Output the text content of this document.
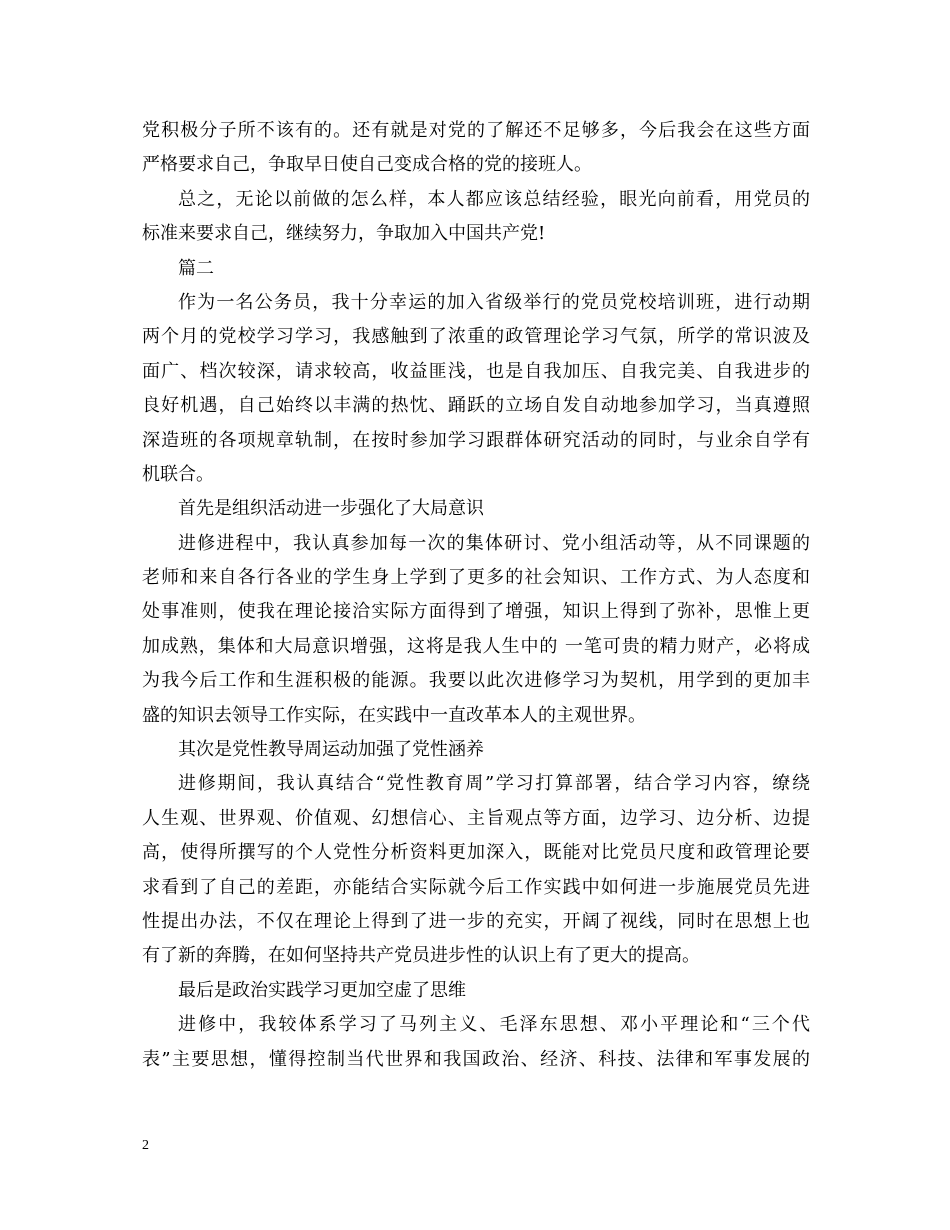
党积极分子所不该有的。还有就是对党的了解还不足够多，今后我会在这些方面
严格要求自己，争取早日使自己变成合格的党的接班人。
总之，无论以前做的怎么样，本人都应该总结经验，眼光向前看，用党员的
标准来要求自己，继续努力，争取加入中国共产党!
篇二
作为一名公务员，我十分幸运的加入省级举行的党员党校培训班，进行动期
两个月的党校学习学习，我感触到了浓重的政管理论学习气氛，所学的常识波及
面广、档次较深，请求较高，收益匪浅，也是自我加压、自我完美、自我进步的
良好机遇，自己始终以丰满的热忱、踊跃的立场自发自动地参加学习，当真遵照
深造班的各项规章轨制，在按时参加学习跟群体研究活动的同时，与业余自学有
机联合。
首先是组织活动进一步强化了大局意识
进修进程中，我认真参加每一次的集体研讨、党小组活动等，从不同课题的
老师和来自各行各业的学生身上学到了更多的社会知识、工作方式、为人态度和
处事准则，使我在理论接洽实际方面得到了增强，知识上得到了弥补，思惟上更
加成熟，集体和大局意识增强，这将是我人生中的 一笔可贵的精力财产，必将成
为我今后工作和生涯积极的能源。我要以此次进修学习为契机，用学到的更加丰
盛的知识去领导工作实际，在实践中一直改革本人的主观世界。
其次是党性教导周运动加强了党性涵养
进修期间，我认真结合“党性教育周”学习打算部署，结合学习内容，缭绕
人生观、世界观、价值观、幻想信心、主旨观点等方面，边学习、边分析、边提
高，使得所撰写的个人党性分析资料更加深入，既能对比党员尺度和政管理论要
求看到了自己的差距，亦能结合实际就今后工作实践中如何进一步施展党员先进
性提出办法，不仅在理论上得到了进一步的充实，开阔了视线，同时在思想上也
有了新的奔腾，在如何坚持共产党员进步性的认识上有了更大的提高。
最后是政治实践学习更加空虚了思维
进修中，我较体系学习了马列主义、毛泽东思想、邓小平理论和“三个代
表”主要思想，懂得控制当代世界和我国政治、经济、科技、法律和军事发展的
2
